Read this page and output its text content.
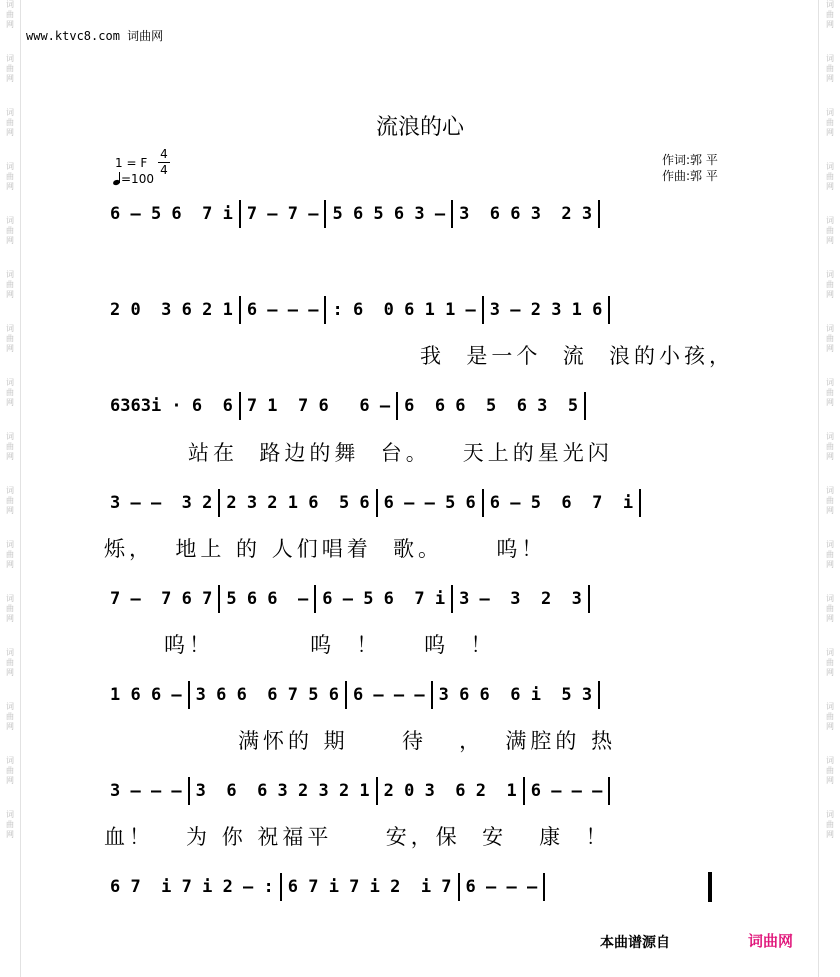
词
曲
网
词
曲
网
词
曲
网
词
曲
网
词
曲
网
词
曲
网
词
曲
网
词
曲
网
词
曲
网
词
曲
网
词
曲
网
词
曲
网
词
曲
网
词
曲
网
词
曲
网
词
曲
网
词
曲
网
词
曲
网
词
曲
网
词
曲
网
词
曲
网
词
曲
网
词
曲
网
词
曲
网
词
曲
网
词
曲
网
词
曲
网
词
曲
网
词
曲
网
词
曲
网
词
曲
网
词
曲
网
www.ktvc8.com 词曲网
流浪的心
1 = F
4
4
=100
作词:郭 平
作曲:郭 平
6 – 5 6  7 i 7 – 7 – 5 6 5 6 3 – 3  6 6 3  2 3
2 0  3 6 2 1 6 – – – : 6  0 6 1 1 – 3 – 2 3 1 6
我  是一个  流  浪的小孩，
6363i · 6  6 7 1  7 6   6 – 6  6 6  5  6 3  5
站在  路边的舞  台。   天上的星光闪
3 – –  3 2 2 3 2 1 6  5 6 6 – – 5 6 6 – 5  6  7  i
烁，  地上 的 人们唱着  歌。     呜！
7 –  7 6 7 5 6 6  – 6 – 5 6  7 i 3 –  3  2  3
呜！         呜  ！    呜  ！
1 6 6 – 3 6 6  6 7 5 6 6 – – – 3 6 6  6 i  5 3
满怀的 期     待   ，  满腔的 热
3 – – – 3  6  6 3 2 3 2 1 2 0 3  6 2  1 6 – – –
血！   为 你 祝福平     安，保  安   康  ！
6 7  i 7 i 2 – : 6 7 i 7 i 2  i 7 6 – – –
本曲谱源自	词曲网
